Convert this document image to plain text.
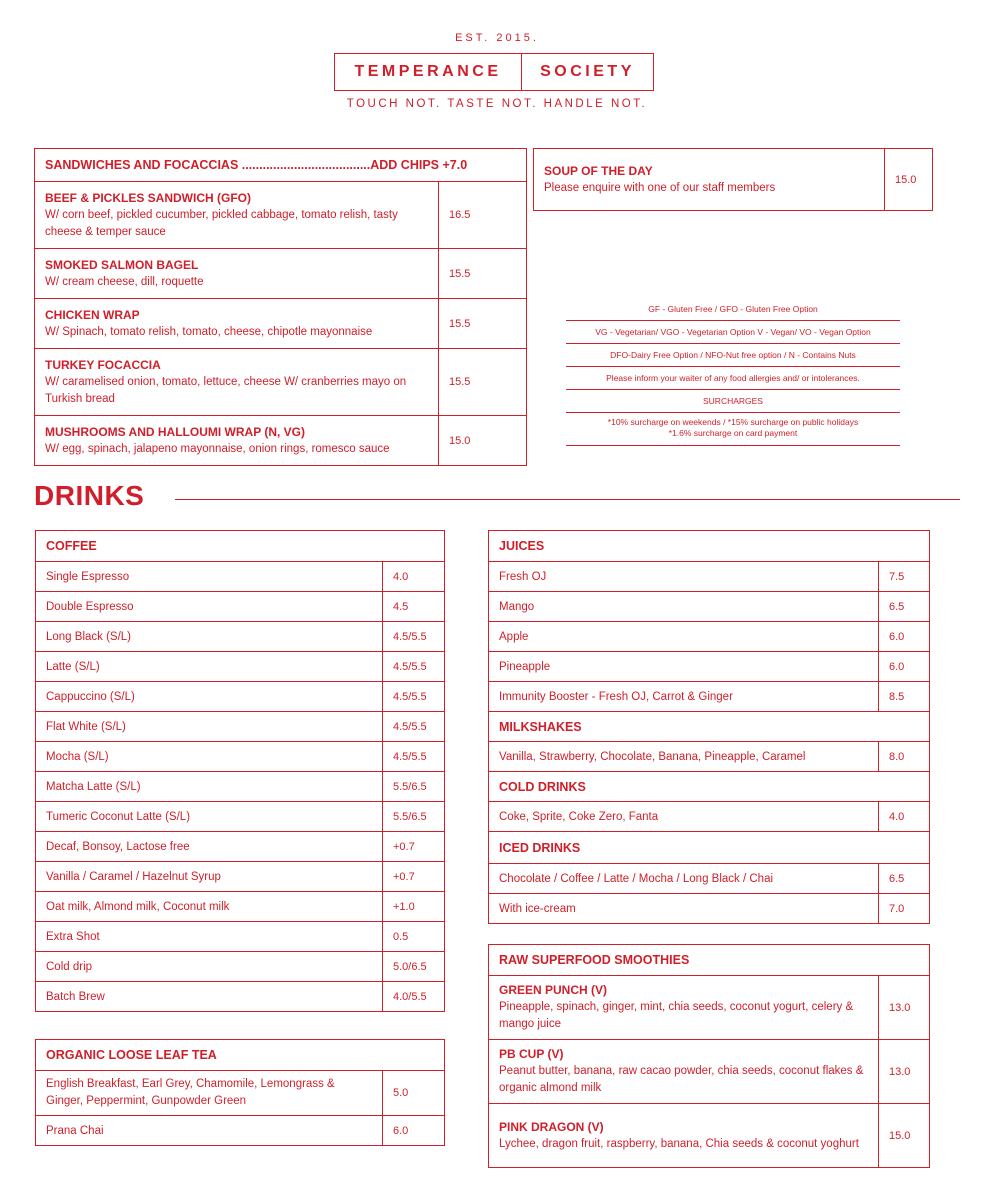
EST. 2015.
TEMPERANCE	SOCIETY
TOUCH NOT. TASTE NOT. HANDLE NOT.
SANDWICHES AND FOCACCIAS .....................................ADD CHIPS +7.0	

BEEF & PICKLES SANDWICH (GFO)
W/ corn beef, pickled cucumber, pickled cabbage, tomato relish, tasty cheese & temper sauce	16.5

SMOKED SALMON BAGEL
W/ cream cheese, dill, roquette	15.5

CHICKEN WRAP
W/ Spinach, tomato relish, tomato, cheese, chipotle mayonnaise	15.5

TURKEY FOCACCIA
W/ caramelised onion, tomato, lettuce, cheese W/ cranberries mayo on Turkish bread	15.5

MUSHROOMS AND HALLOUMI WRAP (N, VG)
W/ egg, spinach, jalapeno mayonnaise, onion rings, romesco sauce	15.0
SOUP OF THE DAY
Please enquire with one of our staff members
	15.0
GF - Gluten Free / GFO - Gluten Free Option
VG - Vegetarian/ VGO - Vegetarian Option V - Vegan/ VO - Vegan Option
DFO-Dairy Free Option / NFO-Nut free option / N - Contains Nuts
Please inform your waiter of any food allergies and/ or intolerances.
SURCHARGES
*10% surcharge on weekends / *15% surcharge on public holidays
*1.6% surcharge on card payment
DRINKS
COFFEE	
Single Espresso	4.0
Double Espresso	4.5
Long Black (S/L)	4.5/5.5
Latte (S/L)	4.5/5.5
Cappuccino (S/L)	4.5/5.5
Flat White (S/L)	4.5/5.5
Mocha (S/L)	4.5/5.5
Matcha Latte (S/L)	5.5/6.5
Tumeric Coconut Latte (S/L)	5.5/6.5
Decaf, Bonsoy, Lactose free	+0.7
Vanilla / Caramel / Hazelnut Syrup	+0.7
Oat milk, Almond milk, Coconut milk	+1.0
Extra Shot	0.5
Cold drip	5.0/6.5
Batch Brew	4.0/5.5
ORGANIC LOOSE LEAF TEA	
English Breakfast, Earl Grey, Chamomile, Lemongrass & Ginger, Peppermint, Gunpowder Green	5.0
Prana Chai	6.0
JUICES	
Fresh OJ	7.5
Mango	6.5
Apple	6.0
Pineapple	6.0
Immunity Booster - Fresh OJ, Carrot & Ginger	8.5
MILKSHAKES	
Vanilla, Strawberry, Chocolate, Banana, Pineapple, Caramel	8.0
COLD DRINKS	
Coke, Sprite, Coke Zero, Fanta	4.0
ICED DRINKS	
Chocolate / Coffee / Latte / Mocha / Long Black / Chai	6.5
With ice-cream	7.0
RAW SUPERFOOD SMOOTHIES	

GREEN PUNCH (V)
Pineapple, spinach, ginger, mint, chia seeds, coconut yogurt, celery & mango juice	13.0

PB CUP (V)
Peanut butter, banana, raw cacao powder, chia seeds, coconut flakes & organic almond milk	13.0

PINK DRAGON (V)
Lychee, dragon fruit, raspberry, banana, Chia seeds & coconut yoghurt	15.0
